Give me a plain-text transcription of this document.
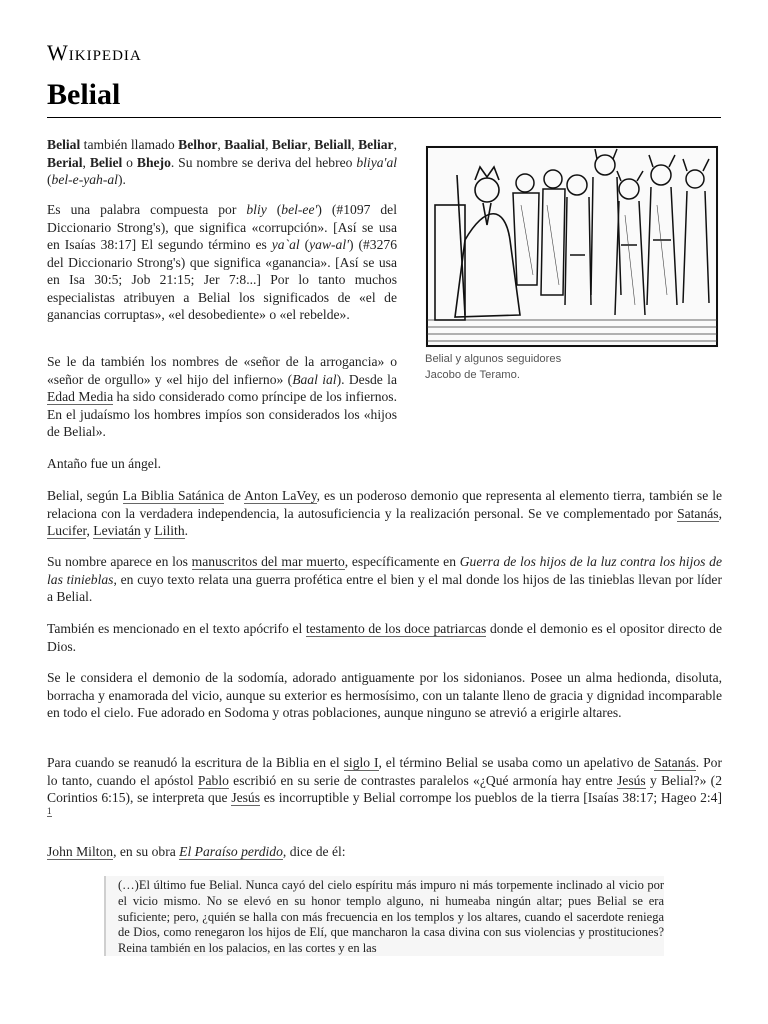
Wikipedia
Belial

Belial también llamado Belhor, Baalial, Beliar, Beliall, Beliar, Berial, Beliel o Bhejo. Su nombre se deriva del hebreo bliya'al (bel-e-yah-al).

Es una palabra compuesta por bliy (bel-ee') (#1097 del Diccionario Strong's), que significa «corrupción». [Así se usa en Isaías 38:17] El segundo término es ya`al (yaw-al') (#3276 del Diccionario Strong's) que significa «ganancia». [Así se usa en Isa 30:5; Job 21:15; Jer 7:8...] Por lo tanto muchos especialistas atribuyen a Belial los significados de «el de ganancias corruptas», «el desobediente» o «el rebelde».

Se le da también los nombres de «señor de la arrogancia» o «señor de orgullo» y «el hijo del infierno» (Baal ial). Desde la Edad Media ha sido considerado como príncipe de los infiernos. En el judaísmo los hombres impíos son considerados los «hijos de Belial».

Belial y algunos seguidores
Jacobo de Teramo.

Antaño fue un ángel.

Belial, según La Biblia Satánica de Anton LaVey, es un poderoso demonio que representa al elemento tierra, también se le relaciona con la verdadera independencia, la autosuficiencia y la realización personal. Se ve complementado por Satanás, Lucifer, Leviatán y Lilith.

Su nombre aparece en los manuscritos del mar muerto, específicamente en Guerra de los hijos de la luz contra los hijos de las tinieblas, en cuyo texto relata una guerra profética entre el bien y el mal donde los hijos de las tinieblas llevan por líder a Belial.

También es mencionado en el texto apócrifo el testamento de los doce patriarcas donde el demonio es el opositor directo de Dios.

Se le considera el demonio de la sodomía, adorado antiguamente por los sidonianos. Posee un alma hedionda, disoluta, borracha y enamorada del vicio, aunque su exterior es hermosísimo, con un talante lleno de gracia y dignidad incomparable en todo el cielo. Fue adorado en Sodoma y otras poblaciones, aunque ninguno se atrevió a erigirle altares.

Para cuando se reanudó la escritura de la Biblia en el siglo I, el término Belial se usaba como un apelativo de Satanás. Por lo tanto, cuando el apóstol Pablo escribió en su serie de contrastes paralelos «¿Qué armonía hay entre Jesús y Belial?» (2 Corintios 6:15), se interpreta que Jesús es incorruptible y Belial corrompe los pueblos de la tierra [Isaías 38:17; Hageo 2:4] $^1$

John Milton, en su obra El Paraíso perdido, dice de él:

(…)El último fue Belial. Nunca cayó del cielo espíritu más impuro ni más torpemente inclinado al vicio por el vicio mismo. No se elevó en su honor templo alguno, ni humeaba ningún altar; pues Belial se era suficiente; pero, ¿quién se halla con más frecuencia en los templos y los altares, cuando el sacerdote reniega de Dios, como renegaron los hijos de Elí, que mancharon la casa divina con sus violencias y prostituciones? Reina también en los palacios, en las cortes y en las
